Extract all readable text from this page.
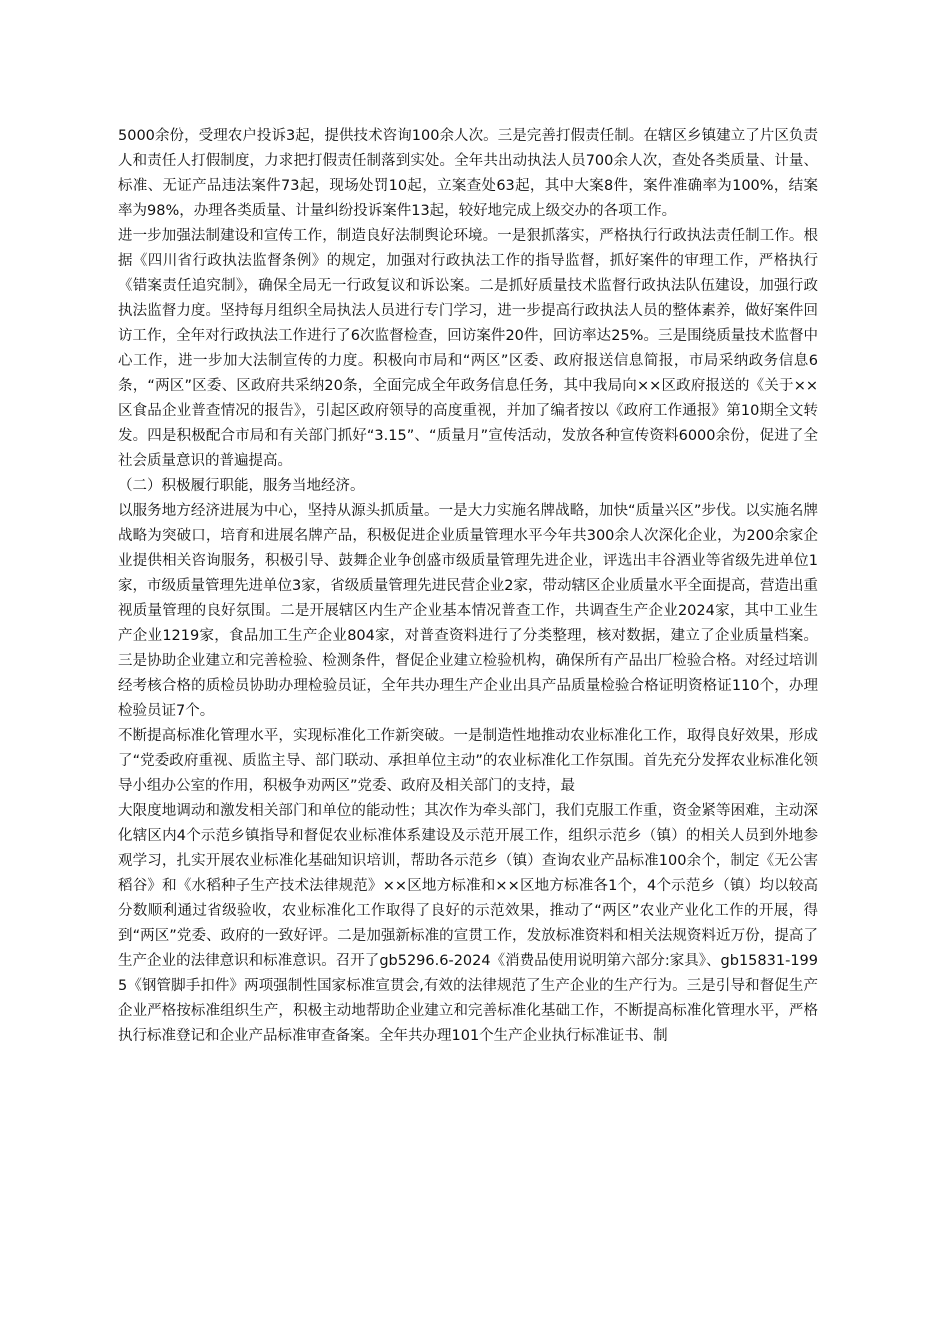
5000余份，受理农户投诉3起，提供技术咨询100余人次。三是完善打假责任制。在辖区乡镇建立了片区负责人和责任人打假制度，力求把打假责任制落到实处。全年共出动执法人员700余人次，查处各类质量、计量、标准、无证产品违法案件73起，现场处罚10起，立案查处63起，其中大案8件，案件准确率为100%，结案率为98%，办理各类质量、计量纠纷投诉案件13起，较好地完成上级交办的各项工作。

进一步加强法制建设和宣传工作，制造良好法制舆论环境。一是狠抓落实，严格执行行政执法责任制工作。根据《四川省行政执法监督条例》的规定，加强对行政执法工作的指导监督，抓好案件的审理工作，严格执行《错案责任追究制》，确保全局无一行政复议和诉讼案。二是抓好质量技术监督行政执法队伍建设，加强行政执法监督力度。坚持每月组织全局执法人员进行专门学习，进一步提高行政执法人员的整体素养，做好案件回访工作，全年对行政执法工作进行了6次监督检查，回访案件20件，回访率达25%。三是围绕质量技术监督中心工作，进一步加大法制宣传的力度。积极向市局和“两区”区委、政府报送信息简报，市局采纳政务信息6条，“两区”区委、区政府共采纳20条，全面完成全年政务信息任务，其中我局向××区政府报送的《关于××区食品企业普查情况的报告》，引起区政府领导的高度重视，并加了编者按以《政府工作通报》第10期全文转发。四是积极配合市局和有关部门抓好“3.15”、“质量月”宣传活动，发放各种宣传资料6000余份，促进了全社会质量意识的普遍提高。

（二）积极履行职能，服务当地经济。

以服务地方经济进展为中心，坚持从源头抓质量。一是大力实施名牌战略，加快“质量兴区”步伐。以实施名牌战略为突破口，培育和进展名牌产品，积极促进企业质量管理水平今年共300余人次深化企业，为200余家企业提供相关咨询服务，积极引导、鼓舞企业争创盛市级质量管理先进企业，评选出丰谷酒业等省级先进单位1家，市级质量管理先进单位3家，省级质量管理先进民营企业2家，带动辖区企业质量水平全面提高，营造出重视质量管理的良好氛围。二是开展辖区内生产企业基本情况普查工作，共调查生产企业2024家，其中工业生产企业1219家，食品加工生产企业804家，对普查资料进行了分类整理，核对数据，建立了企业质量档案。三是协助企业建立和完善检验、检测条件，督促企业建立检验机构，确保所有产品出厂检验合格。对经过培训经考核合格的质检员协助办理检验员证，全年共办理生产企业出具产品质量检验合格证明资格证110个，办理检验员证7个。

不断提高标准化管理水平，实现标准化工作新突破。一是制造性地推动农业标准化工作，取得良好效果，形成了“党委政府重视、质监主导、部门联动、承担单位主动”的农业标准化工作氛围。首先充分发挥农业标准化领导小组办公室的作用，积极争劝两区”党委、政府及相关部门的支持，最

大限度地调动和激发相关部门和单位的能动性；其次作为牵头部门，我们克服工作重，资金紧等困难，主动深化辖区内4个示范乡镇指导和督促农业标准体系建设及示范开展工作，组织示范乡（镇）的相关人员到外地参观学习，扎实开展农业标准化基础知识培训，帮助各示范乡（镇）查询农业产品标准100余个，制定《无公害稻谷》和《水稻种子生产技术法律规范》××区地方标准和××区地方标准各1个，4个示范乡（镇）均以较高分数顺利通过省级验收，农业标准化工作取得了良好的示范效果，推动了“两区”农业产业化工作的开展，得到“两区”党委、政府的一致好评。二是加强新标准的宣贯工作，发放标准资料和相关法规资料近万份，提高了生产企业的法律意识和标准意识。召开了gb5296.6-2024《消费品使用说明第六部分:家具》、gb15831-1995《钢管脚手扣件》两项强制性国家标准宣贯会,有效的法律规范了生产企业的生产行为。三是引导和督促生产企业严格按标准组织生产，积极主动地帮助企业建立和完善标准化基础工作，不断提高标准化管理水平，严格执行标准登记和企业产品标准审查备案。全年共办理101个生产企业执行标准证书、制
